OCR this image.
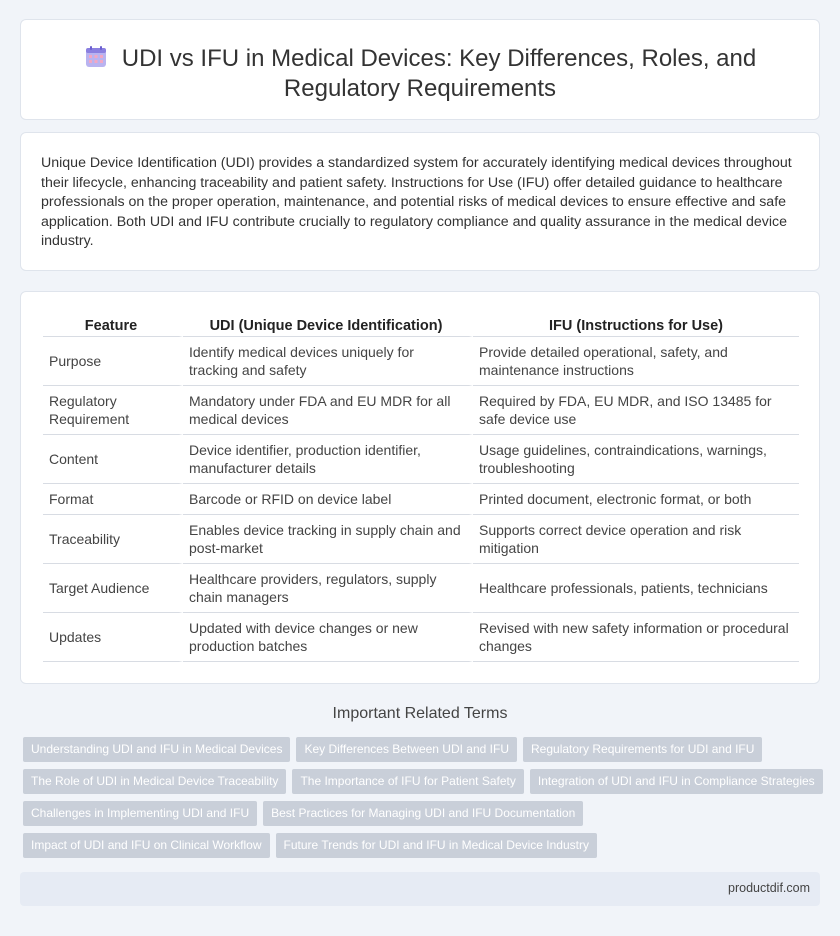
UDI vs IFU in Medical Devices: Key Differences, Roles, and
Regulatory Requirements

Unique Device Identification (UDI) provides a standardized system for accurately identifying medical devices throughout their lifecycle, enhancing traceability and patient safety. Instructions for Use (IFU) offer detailed guidance to healthcare professionals on the proper operation, maintenance, and potential risks of medical devices to ensure effective and safe application. Both UDI and IFU contribute crucially to regulatory compliance and quality assurance in the medical device industry.

Feature	UDI (Unique Device Identification)	IFU (Instructions for Use)
Purpose	Identify medical devices uniquely for tracking and safety	Provide detailed operational, safety, and maintenance instructions
Regulatory Requirement	Mandatory under FDA and EU MDR for all medical devices	Required by FDA, EU MDR, and ISO 13485 for safe device use
Content	Device identifier, production identifier, manufacturer details	Usage guidelines, contraindications, warnings, troubleshooting
Format	Barcode or RFID on device label	Printed document, electronic format, or both
Traceability	Enables device tracking in supply chain and post-market	Supports correct device operation and risk mitigation
Target Audience	Healthcare providers, regulators, supply chain managers	Healthcare professionals, patients, technicians
Updates	Updated with device changes or new production batches	Revised with new safety information or procedural changes
Important Related Terms
Understanding UDI and IFU in Medical Devices Key Differences Between UDI and IFU Regulatory Requirements for UDI and IFU
The Role of UDI in Medical Device Traceability The Importance of IFU for Patient Safety Integration of UDI and IFU in Compliance Strategies
Challenges in Implementing UDI and IFU Best Practices for Managing UDI and IFU Documentation
Impact of UDI and IFU on Clinical Workflow Future Trends for UDI and IFU in Medical Device Industry
productdif.com
